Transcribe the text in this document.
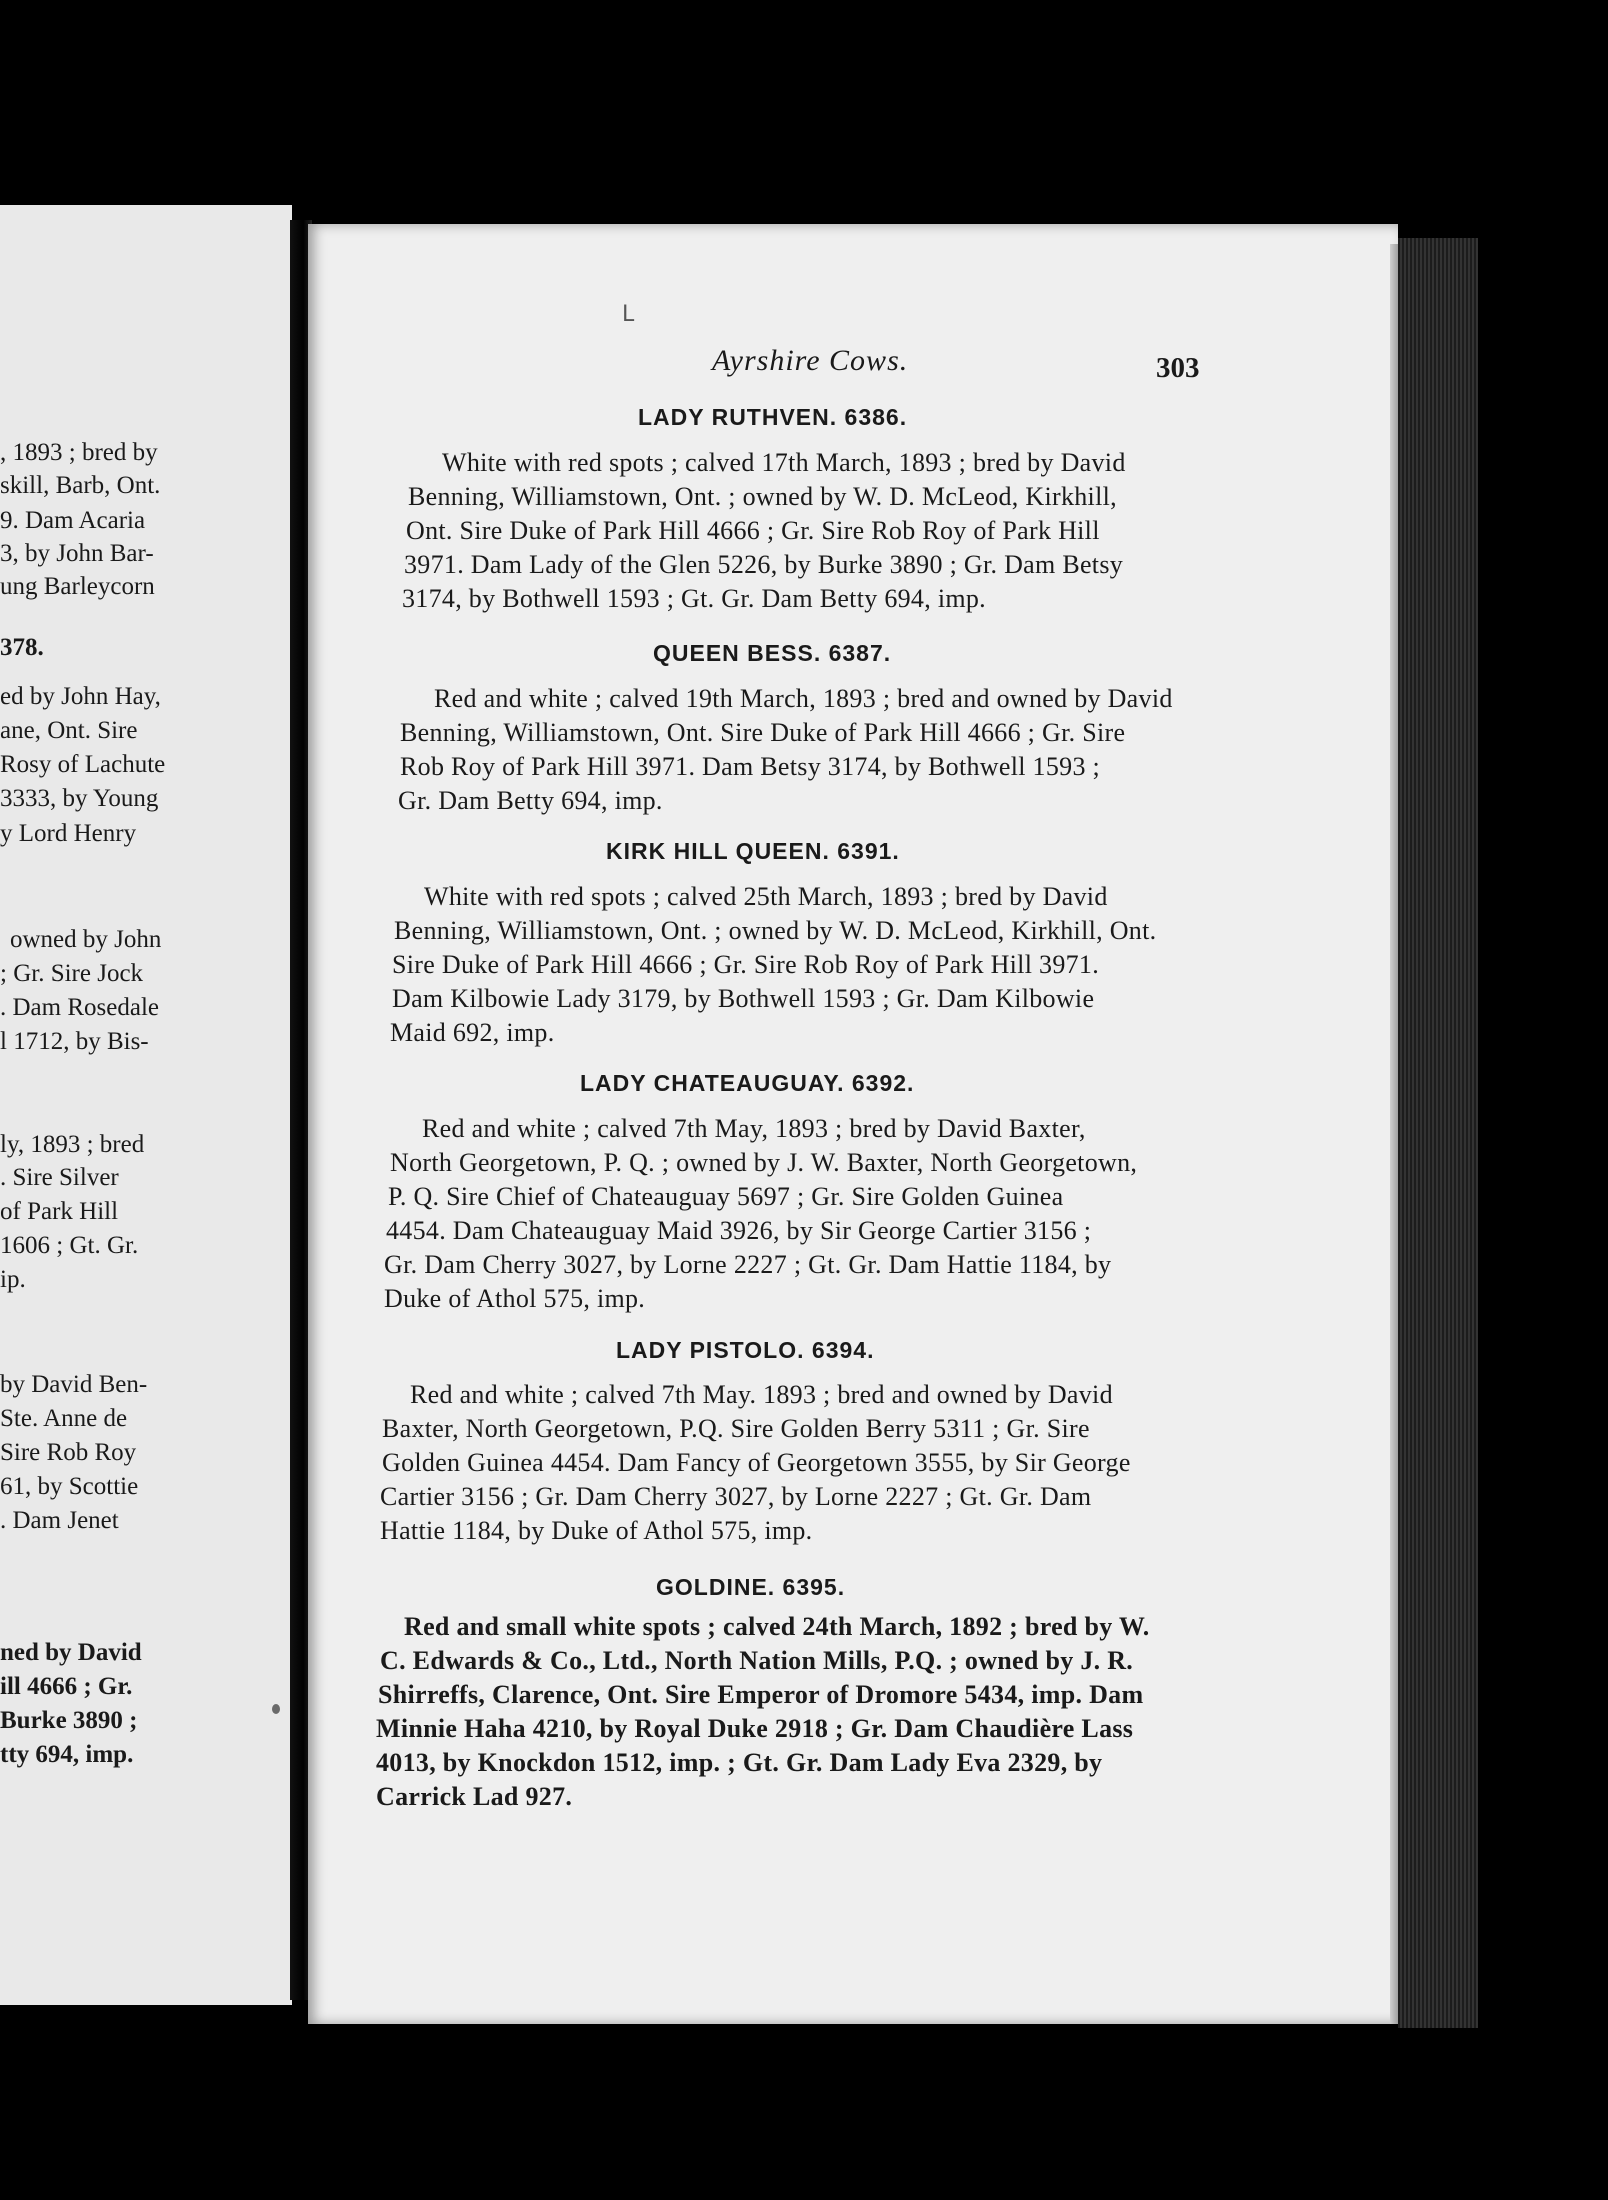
, 1893 ; bred by
skill, Barb, Ont.
9. Dam Acaria
3, by John Bar-
ung Barleycorn
378.
ed by John Hay,
ane, Ont. Sire
Rosy of Lachute
3333, by Young
y Lord Henry
owned by John
; Gr. Sire Jock
. Dam Rosedale
l 1712, by Bis-
ly, 1893 ; bred
. Sire Silver
of Park Hill
1606 ; Gt. Gr.
ip.
by David Ben-
Ste. Anne de
Sire Rob Roy
61, by Scottie
. Dam Jenet
ned by David
ill 4666 ; Gr.
Burke 3890 ;
tty 694, imp.
L
Ayrshire Cows.	303
LADY RUTHVEN. 6386.
White with red spots ; calved 17th March, 1893 ; bred by David
Benning, Williamstown, Ont. ; owned by W. D. McLeod, Kirkhill,
Ont. Sire Duke of Park Hill 4666 ; Gr. Sire Rob Roy of Park Hill
3971. Dam Lady of the Glen 5226, by Burke 3890 ; Gr. Dam Betsy
3174, by Bothwell 1593 ; Gt. Gr. Dam Betty 694, imp.
QUEEN BESS. 6387.
Red and white ; calved 19th March, 1893 ; bred and owned by David
Benning, Williamstown, Ont. Sire Duke of Park Hill 4666 ; Gr. Sire
Rob Roy of Park Hill 3971. Dam Betsy 3174, by Bothwell 1593 ;
Gr. Dam Betty 694, imp.
KIRK HILL QUEEN. 6391.
White with red spots ; calved 25th March, 1893 ; bred by David
Benning, Williamstown, Ont. ; owned by W. D. McLeod, Kirkhill, Ont.
Sire Duke of Park Hill 4666 ; Gr. Sire Rob Roy of Park Hill 3971.
Dam Kilbowie Lady 3179, by Bothwell 1593 ; Gr. Dam Kilbowie
Maid 692, imp.
LADY CHATEAUGUAY. 6392.
Red and white ; calved 7th May, 1893 ; bred by David Baxter,
North Georgetown, P. Q. ; owned by J. W. Baxter, North Georgetown,
P. Q. Sire Chief of Chateauguay 5697 ; Gr. Sire Golden Guinea
4454. Dam Chateauguay Maid 3926, by Sir George Cartier 3156 ;
Gr. Dam Cherry 3027, by Lorne 2227 ; Gt. Gr. Dam Hattie 1184, by
Duke of Athol 575, imp.
LADY PISTOLO. 6394.
Red and white ; calved 7th May. 1893 ; bred and owned by David
Baxter, North Georgetown, P.Q. Sire Golden Berry 5311 ; Gr. Sire
Golden Guinea 4454. Dam Fancy of Georgetown 3555, by Sir George
Cartier 3156 ; Gr. Dam Cherry 3027, by Lorne 2227 ; Gt. Gr. Dam
Hattie 1184, by Duke of Athol 575, imp.
GOLDINE. 6395.
Red and small white spots ; calved 24th March, 1892 ; bred by W.
C. Edwards & Co., Ltd., North Nation Mills, P.Q. ; owned by J. R.
Shirreffs, Clarence, Ont. Sire Emperor of Dromore 5434, imp. Dam
Minnie Haha 4210, by Royal Duke 2918 ; Gr. Dam Chaudière Lass
4013, by Knockdon 1512, imp. ; Gt. Gr. Dam Lady Eva 2329, by
Carrick Lad 927.
